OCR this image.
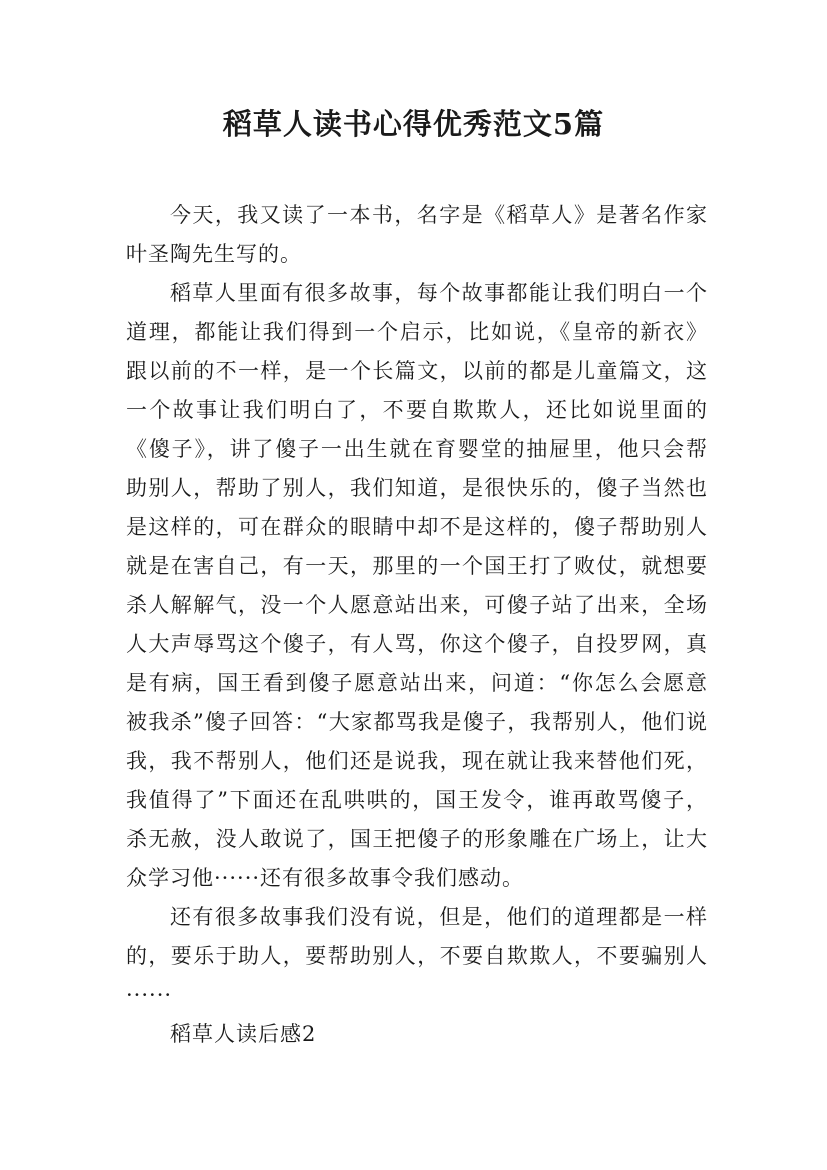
稻草人读书心得优秀范文5篇

今天，我又读了一本书，名字是《稻草人》是著名作家叶圣陶先生写的。

稻草人里面有很多故事，每个故事都能让我们明白一个道理，都能让我们得到一个启示，比如说，《皇帝的新衣》跟以前的不一样，是一个长篇文，以前的都是儿童篇文，这一个故事让我们明白了，不要自欺欺人，还比如说里面的《傻子》，讲了傻子一出生就在育婴堂的抽屉里，他只会帮助别人，帮助了别人，我们知道，是很快乐的，傻子当然也是这样的，可在群众的眼睛中却不是这样的，傻子帮助别人就是在害自己，有一天，那里的一个国王打了败仗，就想要杀人解解气，没一个人愿意站出来，可傻子站了出来，全场人大声辱骂这个傻子，有人骂，你这个傻子，自投罗网，真是有病，国王看到傻子愿意站出来，问道：“你怎么会愿意被我杀”傻子回答：“大家都骂我是傻子，我帮别人，他们说我，我不帮别人，他们还是说我，现在就让我来替他们死，我值得了”下面还在乱哄哄的，国王发令，谁再敢骂傻子，杀无赦，没人敢说了，国王把傻子的形象雕在广场上，让大众学习他······还有很多故事令我们感动。

还有很多故事我们没有说，但是，他们的道理都是一样的，要乐于助人，要帮助别人，不要自欺欺人，不要骗别人······

稻草人读后感2
